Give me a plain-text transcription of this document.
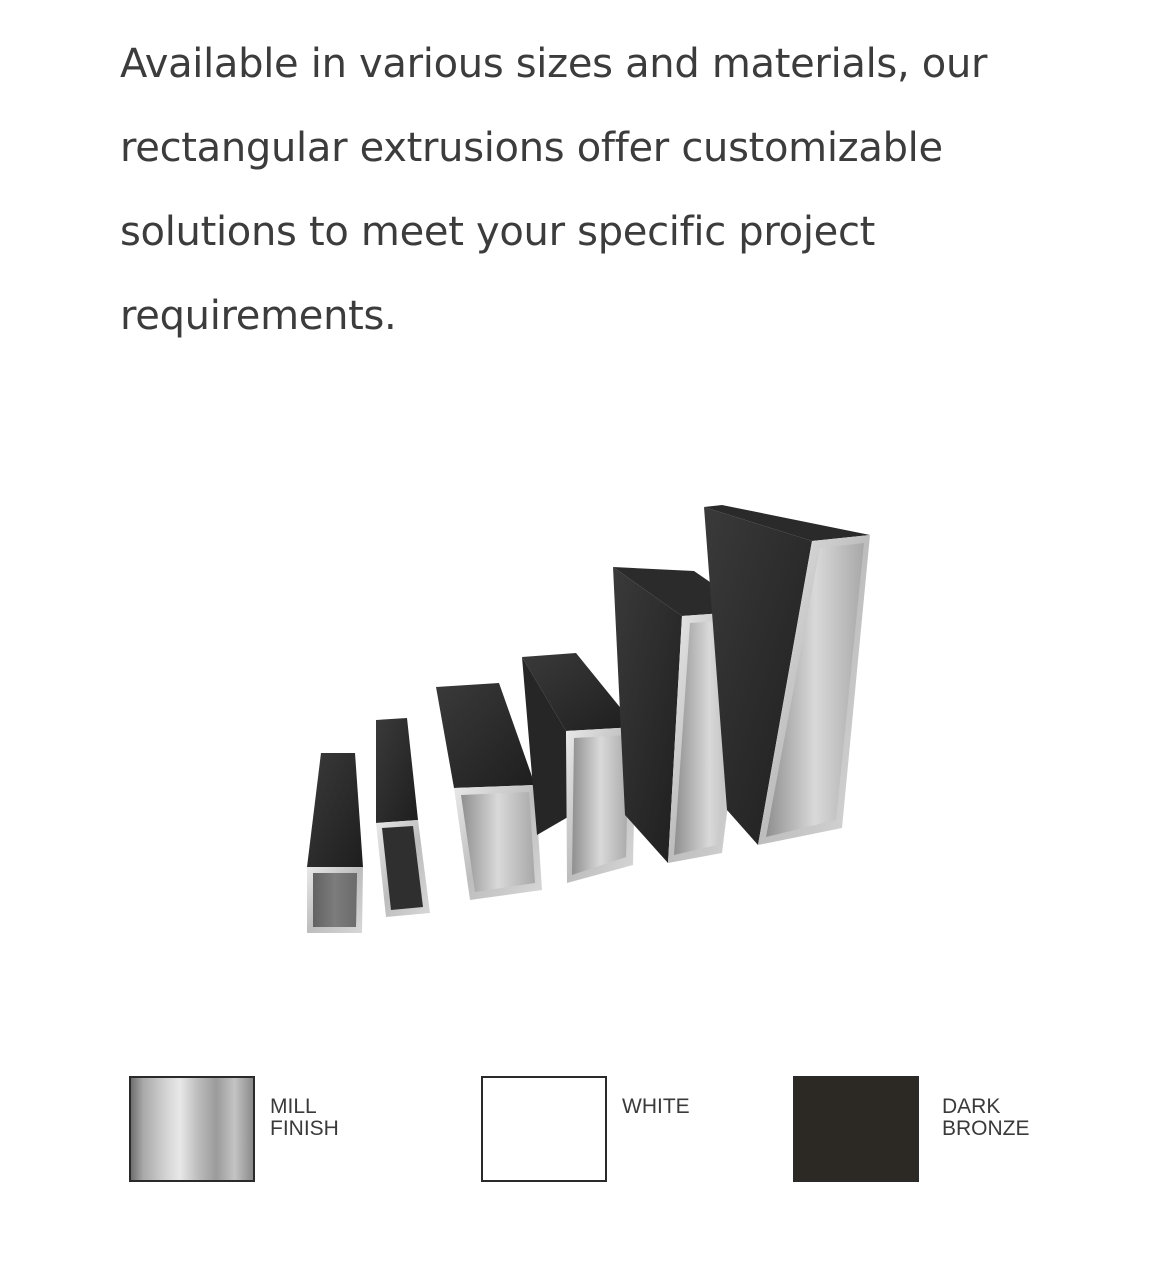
Available in various sizes and materials, our
rectangular extrusions offer customizable
solutions to meet your specific project
requirements.

MILL FINISH
WHITE	DARK
BRONZE
